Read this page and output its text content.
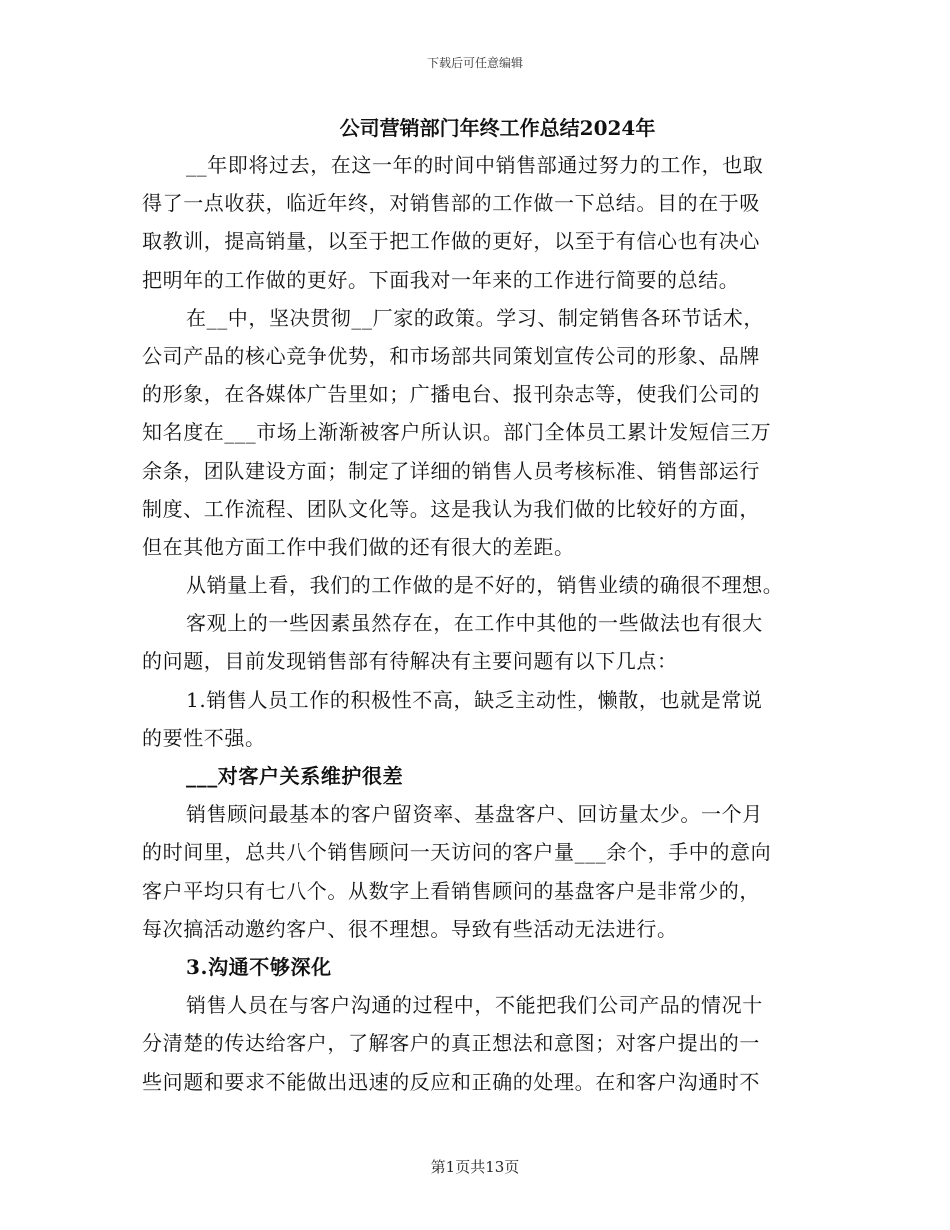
下载后可任意编辑
公司营销部门年终工作总结2024年
__年即将过去，在这一年的时间中销售部通过努力的工作，也取
得了一点收获，临近年终，对销售部的工作做一下总结。目的在于吸
取教训，提高销量，以至于把工作做的更好，以至于有信心也有决心
把明年的工作做的更好。下面我对一年来的工作进行简要的总结。
在__中，坚决贯彻__厂家的政策。学习、制定销售各环节话术，
公司产品的核心竞争优势，和市场部共同策划宣传公司的形象、品牌
的形象，在各媒体广告里如；广播电台、报刊杂志等，使我们公司的
知名度在___市场上渐渐被客户所认识。部门全体员工累计发短信三万
余条，团队建设方面；制定了详细的销售人员考核标准、销售部运行
制度、工作流程、团队文化等。这是我认为我们做的比较好的方面，
但在其他方面工作中我们做的还有很大的差距。
从销量上看，我们的工作做的是不好的，销售业绩的确很不理想。
客观上的一些因素虽然存在，在工作中其他的一些做法也有很大
的问题，目前发现销售部有待解决有主要问题有以下几点：
1.销售人员工作的积极性不高，缺乏主动性，懒散，也就是常说
的要性不强。
___对客户关系维护很差
销售顾问最基本的客户留资率、基盘客户、回访量太少。一个月
的时间里，总共八个销售顾问一天访问的客户量___余个，手中的意向
客户平均只有七八个。从数字上看销售顾问的基盘客户是非常少的，
每次搞活动邀约客户、很不理想。导致有些活动无法进行。
3.沟通不够深化
销售人员在与客户沟通的过程中，不能把我们公司产品的情况十
分清楚的传达给客户，了解客户的真正想法和意图；对客户提出的一
些问题和要求不能做出迅速的反应和正确的处理。在和客户沟通时不
第1页共13页
